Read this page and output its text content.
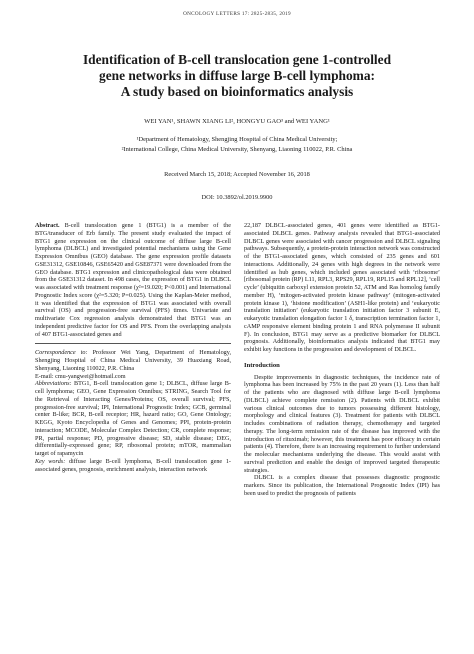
ONCOLOGY LETTERS 17: 2825-2835, 2019
Identification of B-cell translocation gene 1-controlled
gene networks in diffuse large B-cell lymphoma:
A study based on bioinformatics analysis
WEI YAN¹, SHAWN XIANG LI², HONGYU GAO³ and WEI YANG¹
¹Department of Hematology, Shengjing Hospital of China Medical University;
²International College, China Medical University, Shenyang, Liaoning 110022, P.R. China
Received March 15, 2018; Accepted November 16, 2018
DOI: 10.3892/ol.2019.9900

Abstract. B-cell translocation gene 1 (BTG1) is a member of the BTG/transducer of Erb family. The present study evaluated the impact of BTG1 gene expression on the clinical outcome of diffuse large B-cell lymphoma (DLBCL) and investigated potential mechanisms using the Gene Expression Omnibus (GEO) database. The gene expression profile datasets GSE31312, GSE10846, GSE65420 and GSE87371 were downloaded from the GEO database. BTG1 expression and clinicopathological data were obtained from the GSE31312 dataset. In 498 cases, the expression of BTG1 in DLBCL was associated with treatment response (χ²=19.020; P<0.001) and International Prognostic Index score (χ²=5.320; P=0.025). Using the Kaplan-Meier method, it was identified that the expression of BTG1 was associated with overall survival (OS) and progression-free survival (PFS) times. Univariate and multivariate Cox regression analysis demonstrated that BTG1 was an independent predictive factor for OS and PFS. From the overlapping analysis of 407 BTG1-associated genes and

Correspondence to: Professor Wei Yang, Department of Hematology, Shengjing Hospital of China Medical University, 39 Huaxiang Road, Shenyang, Liaoning 110022, P.R. China
E-mail: cmu-yangwei@hotmail.com

Abbreviations: BTG1, B-cell translocation gene 1; DLBCL, diffuse large B-cell lymphoma; GEO, Gene Expression Omnibus; STRING, Search Tool for the Retrieval of Interacting Genes/Proteins; OS, overall survival; PFS, progression-free survival; IPI, International Prognostic Index; GCB, germinal center B-like; BCR, B-cell receptor; HR, hazard ratio; GO, Gene Ontology; KEGG, Kyoto Encyclopedia of Genes and Genomes; PPI, protein-protein interaction; MCODE, Molecular Complex Detection; CR, complete response; PR, partial response; PD, progressive disease; SD, stable disease; DEG, differentially-expressed gene; RP, ribosomal protein; mTOR, mammalian target of rapamycin

Key words: diffuse large B-cell lymphoma, B-cell translocation gene 1-associated genes, prognosis, enrichment analysis, interaction network

22,187 DLBCL-associated genes, 401 genes were identified as BTG1-associated DLBCL genes. Pathway analysis revealed that BTG1-associated DLBCL genes were associated with cancer progression and DLBCL signaling pathways. Subsequently, a protein-protein interaction network was constructed of the BTG1-associated genes, which consisted of 235 genes and 601 interactions. Additionally, 24 genes with high degrees in the network were identified as hub genes, which included genes associated with ‘ribosome’ [ribosomal protein (RP) L11, RPL3, RPS29, RPL19, RPL15 and RPL12], ‘cell cycle’ (ubiquitin carboxyl extension protein 52, ATM and Ras homolog family member H), ‘mitogen-activated protein kinase pathway’ (mitogen-activated protein kinase 1), ‘histone modification’ (ASH1-like protein) and ‘eukaryotic translation initiation’ (eukaryotic translation initiation factor 3 subunit E, eukaryotic translation elongation factor 1 δ, transcription termination factor 1, cAMP responsive element binding protein 1 and RNA polymerase II subunit F). In conclusion, BTG1 may serve as a predictive biomarker for DLBCL prognosis. Additionally, bioinformatics analysis indicated that BTG1 may exhibit key functions in the progression and development of DLBCL.

Introduction

Despite improvements in diagnostic techniques, the incidence rate of lymphoma has been increased by 75% in the past 20 years (1). Less than half of the patients who are diagnosed with diffuse large B-cell lymphoma (DLBCL) achieve complete remission (2). Patients with DLBCL exhibit various clinical outcomes due to tumors possessing different histology, morphology and clinical features (3). Treatment for patients with DLBCL includes combinations of radiation therapy, chemotherapy and targeted therapy. The long-term remission rate of the disease has improved with the introduction of rituximab; however, this treatment has poor efficacy in certain patients (4). Therefore, there is an increasing requirement to further understand the molecular mechanisms underlying the disease. This would assist with survival prediction and enable the design of improved targeted therapeutic strategies.

DLBCL is a complex disease that possesses diagnostic prognostic markers. Since its publication, the International Prognostic Index (IPI) has been used to predict the prognosis of patients
